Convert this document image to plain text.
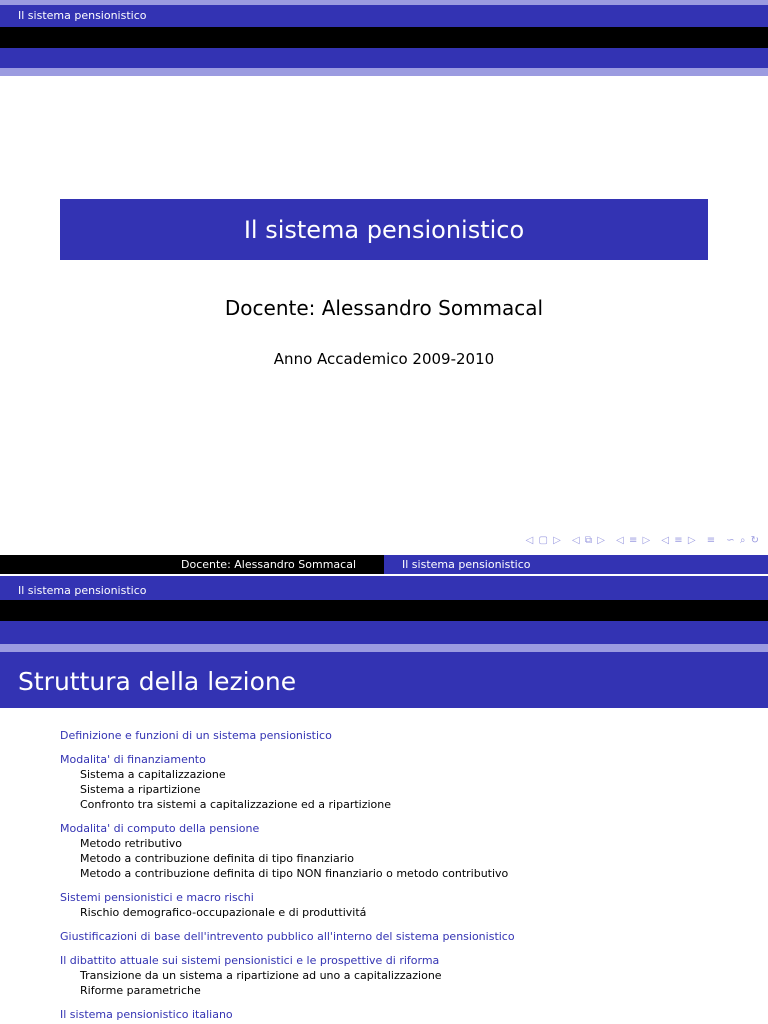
Il sistema pensionistico
Il sistema pensionistico
Docente: Alessandro Sommacal
Anno Accademico 2009-2010
◁ ▢ ▷ ◁ ⧉ ▷ ◁ ≡ ▷ ◁ ≡ ▷ ≡ ∽ ⌕ ↻
Docente: Alessandro Sommacal	Il sistema pensionistico
Il sistema pensionistico
Struttura della lezione
Definizione e funzioni di un sistema pensionistico
Modalita' di finanziamento
Sistema a capitalizzazione
Sistema a ripartizione
Confronto tra sistemi a capitalizzazione ed a ripartizione
Modalita' di computo della pensione
Metodo retributivo
Metodo a contribuzione definita di tipo finanziario
Metodo a contribuzione definita di tipo NON finanziario o metodo contributivo
Sistemi pensionistici e macro rischi
Rischio demografico-occupazionale e di produttivitá
Giustificazioni di base dell'intrevento pubblico all'interno del sistema pensionistico
Il dibattito attuale sui sistemi pensionistici e le prospettive di riforma
Transizione da un sistema a ripartizione ad uno a capitalizzazione
Riforme parametriche
Il sistema pensionistico italiano
